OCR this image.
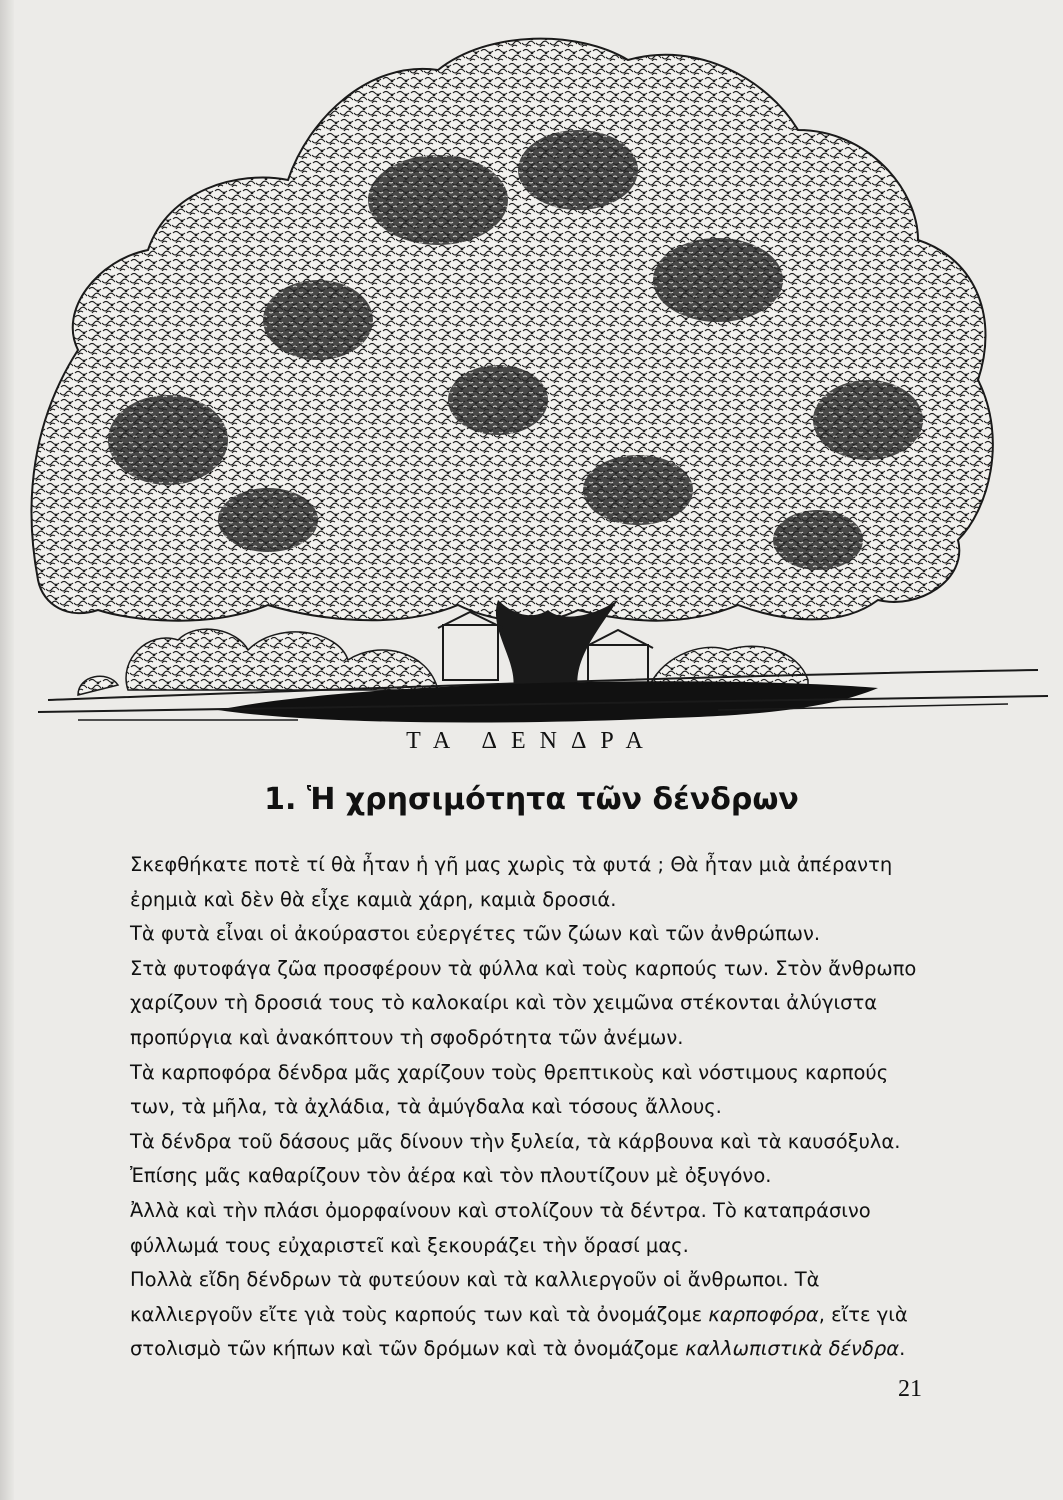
ΤΑ ΔΕΝΔΡΑ
1. Ἡ χρησιμότητα τῶν δένδρων

Σκεφθήκατε ποτὲ τί θὰ ἦταν ἡ γῆ μας χωρὶς τὰ φυτά ; Θὰ ἦταν μιὰ ἀπέραντη ἐρημιὰ καὶ δὲν θὰ εἶχε καμιὰ χάρη, καμιὰ δροσιά.

Τὰ φυτὰ εἶναι οἱ ἀκούραστοι εὐεργέτες τῶν ζώων καὶ τῶν ἀνθρώπων.

Στὰ φυτοφάγα ζῶα προσφέρουν τὰ φύλλα καὶ τοὺς καρπούς των. Στὸν ἄνθρωπο χαρίζουν τὴ δροσιά τους τὸ καλοκαίρι καὶ τὸν χειμῶνα στέκονται ἀλύγιστα προπύργια καὶ ἀνακόπτουν τὴ σφοδρότητα τῶν ἀνέμων.

Τὰ καρποφόρα δένδρα μᾶς χαρίζουν τοὺς θρεπτικοὺς καὶ νόστιμους καρπούς των, τὰ μῆλα, τὰ ἀχλάδια, τὰ ἀμύγδαλα καὶ τόσους ἄλλους.

Τὰ δένδρα τοῦ δάσους μᾶς δίνουν τὴν ξυλεία, τὰ κάρβουνα καὶ τὰ καυσόξυλα. Ἐπίσης μᾶς καθαρίζουν τὸν ἀέρα καὶ τὸν πλουτίζουν μὲ ὀξυγόνο.

Ἀλλὰ καὶ τὴν πλάσι ὀμορφαίνουν καὶ στολίζουν τὰ δέντρα. Τὸ καταπράσινο φύλλωμά τους εὐχαριστεῖ καὶ ξεκουράζει τὴν ὅρασί μας.

Πολλὰ εἴδη δένδρων τὰ φυτεύουν καὶ τὰ καλλιεργοῦν οἱ ἄνθρωποι. Τὰ καλλιεργοῦν εἴτε γιὰ τοὺς καρπούς των καὶ τὰ ὀνομάζομε καρποφόρα, εἴτε γιὰ στολισμὸ τῶν κήπων καὶ τῶν δρόμων καὶ τὰ ὀνομάζομε καλλωπιστικὰ δένδρα.

21
